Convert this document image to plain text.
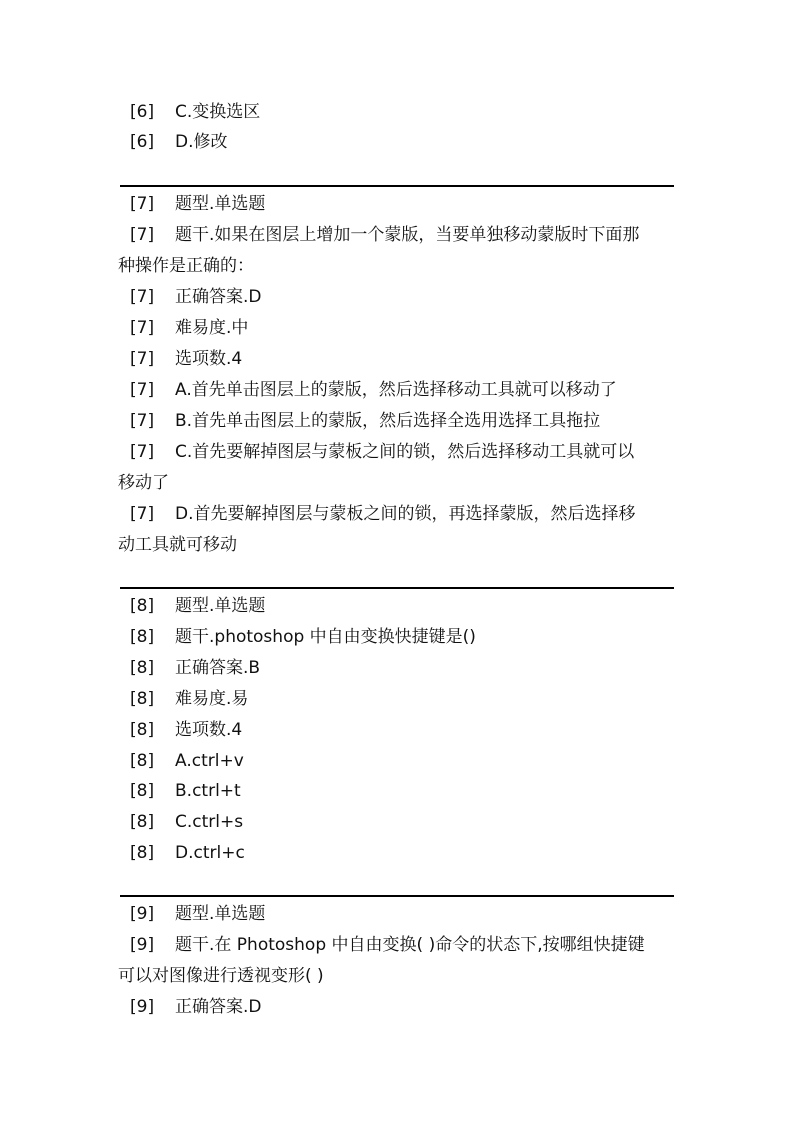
[6] C.变换选区
[6] D.修改
[7] 题型.单选题
[7] 题干.如果在图层上增加一个蒙版，当要单独移动蒙版时下面那
种操作是正确的：
[7] 正确答案.D
[7] 难易度.中
[7] 选项数.4
[7] A.首先单击图层上的蒙版，然后选择移动工具就可以移动了
[7] B.首先单击图层上的蒙版，然后选择全选用选择工具拖拉
[7] C.首先要解掉图层与蒙板之间的锁，然后选择移动工具就可以
移动了
[7] D.首先要解掉图层与蒙板之间的锁，再选择蒙版，然后选择移
动工具就可移动
[8] 题型.单选题
[8] 题干.photoshop 中自由变换快捷键是()
[8] 正确答案.B
[8] 难易度.易
[8] 选项数.4
[8] A.ctrl+v
[8] B.ctrl+t
[8] C.ctrl+s
[8] D.ctrl+c
[9] 题型.单选题
[9] 题干.在 Photoshop 中自由变换( )命令的状态下,按哪组快捷键
可以对图像进行透视变形( )
[9] 正确答案.D
